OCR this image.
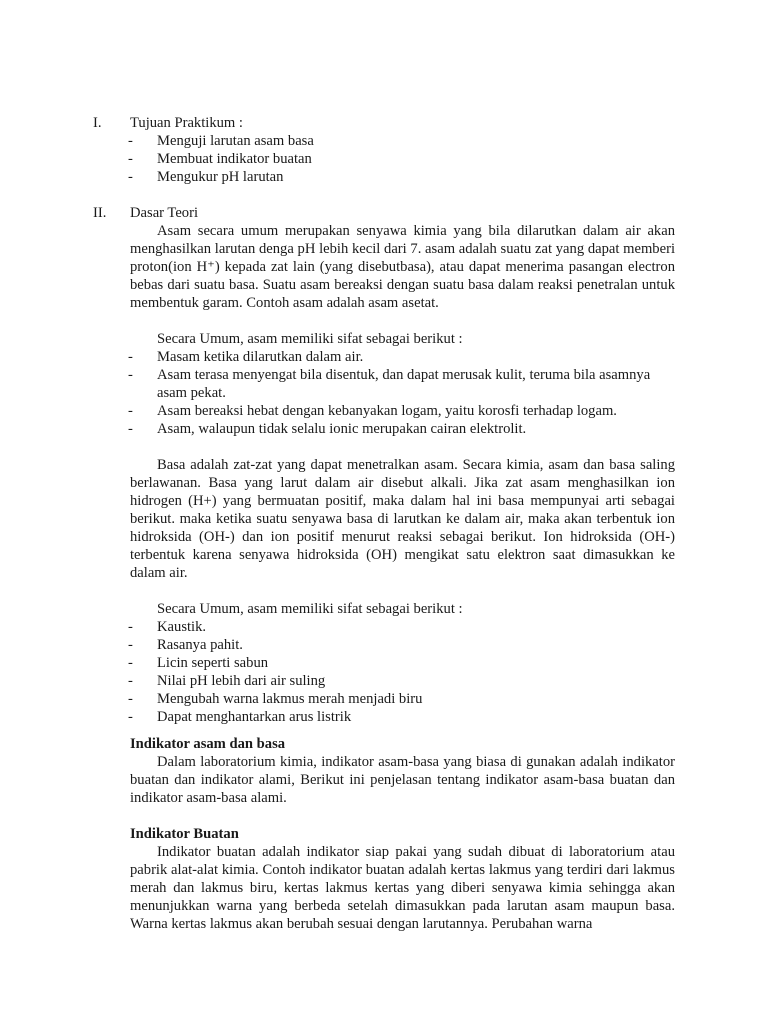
I. Tujuan Praktikum :
- Menguji larutan asam basa
- Membuat indikator buatan
- Mengukur pH larutan
II. Dasar Teori

Asam secara umum merupakan senyawa kimia yang bila dilarutkan dalam air akan menghasilkan larutan denga pH lebih kecil dari 7. asam adalah suatu zat yang dapat memberi proton(ion H⁺) kepada zat lain (yang disebutbasa), atau dapat menerima pasangan electron bebas dari suatu basa. Suatu asam bereaksi dengan suatu basa dalam reaksi penetralan untuk membentuk garam. Contoh asam adalah asam asetat.

Secara Umum, asam memiliki sifat sebagai berikut :
- Masam ketika dilarutkan dalam air.
- Asam terasa menyengat bila disentuk, dan dapat merusak kulit, teruma bila asamnya asam pekat.
- Asam bereaksi hebat dengan kebanyakan logam, yaitu korosfi terhadap logam.
- Asam, walaupun tidak selalu ionic merupakan cairan elektrolit.

Basa adalah zat-zat yang dapat menetralkan asam. Secara kimia, asam dan basa saling berlawanan. Basa yang larut dalam air disebut alkali. Jika zat asam menghasilkan ion hidrogen (H+) yang bermuatan positif, maka dalam hal ini basa mempunyai arti sebagai berikut. maka ketika suatu senyawa basa di larutkan ke dalam air, maka akan terbentuk ion hidroksida (OH-) dan ion positif menurut reaksi sebagai berikut. Ion hidroksida (OH-) terbentuk karena senyawa hidroksida (OH) mengikat satu elektron saat dimasukkan ke dalam air.

Secara Umum, asam memiliki sifat sebagai berikut :
- Kaustik.
- Rasanya pahit.
- Licin seperti sabun
- Nilai pH lebih dari air suling
- Mengubah warna lakmus merah menjadi biru
- Dapat menghantarkan arus listrik
Indikator asam dan basa

Dalam laboratorium kimia, indikator asam-basa yang biasa di gunakan adalah indikator buatan dan indikator alami, Berikut ini penjelasan tentang indikator asam-basa buatan dan indikator asam-basa alami.

Indikator Buatan

Indikator buatan adalah indikator siap pakai yang sudah dibuat di laboratorium atau pabrik alat-alat kimia. Contoh indikator buatan adalah kertas lakmus yang terdiri dari lakmus merah dan lakmus biru, kertas lakmus kertas yang diberi senyawa kimia sehingga akan menunjukkan warna yang berbeda setelah dimasukkan pada larutan asam maupun basa. Warna kertas lakmus akan berubah sesuai dengan larutannya. Perubahan warna
